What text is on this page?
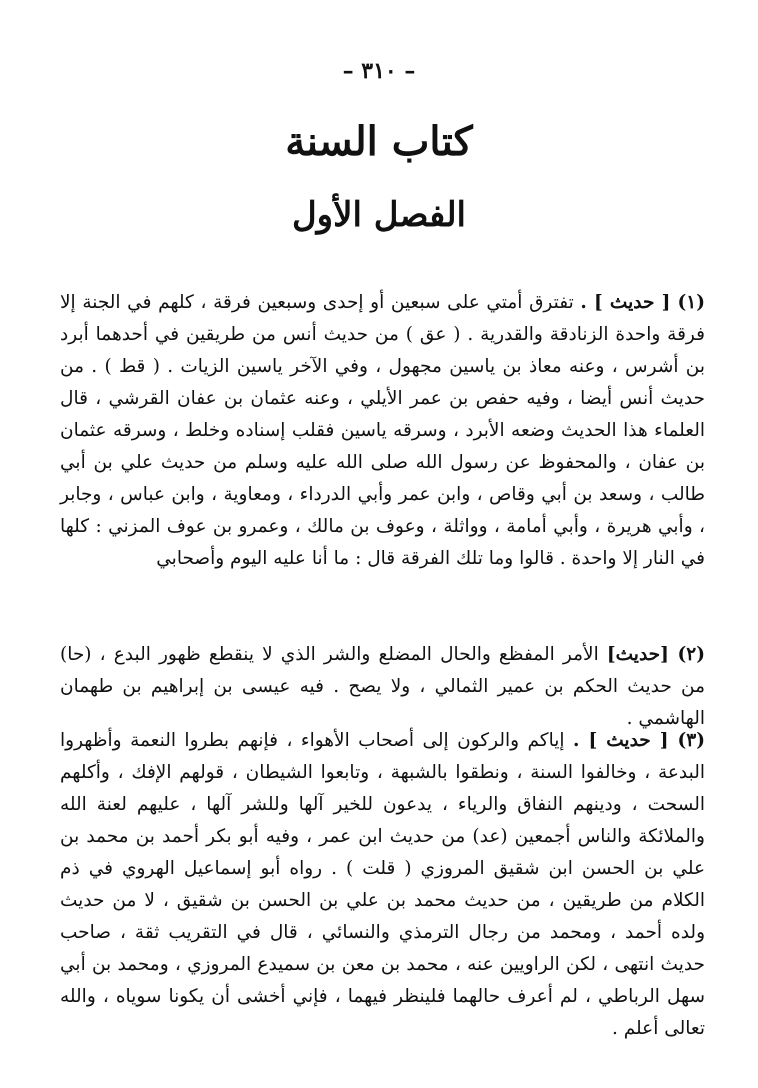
– ٣١٠ –
كتاب السنة
الفصل الأول

(١) [ حديث ] . تفترق أمتي على سبعين أو إحدى وسبعين فرقة ، كلهم في الجنة إلا فرقة واحدة الزنادقة والقدرية . ( عق ) من حديث أنس من طريقين في أحدهما أبرد بن أشرس ، وعنه معاذ بن ياسين مجهول ، وفي الآخر ياسين الزيات . ( قط ) . من حديث أنس أيضا ، وفيه حفص بن عمر الأيلي ، وعنه عثمان بن عفان القرشي ، قال العلماء هذا الحديث وضعه الأبرد ، وسرقه ياسين فقلب إسناده وخلط ، وسرقه عثمان بن عفان ، والمحفوظ عن رسول الله صلى الله عليه وسلم من حديث علي بن أبي طالب ، وسعد بن أبي وقاص ، وابن عمر وأبي الدرداء ، ومعاوية ، وابن عباس ، وجابر ، وأبي هريرة ، وأبي أمامة ، وواثلة ، وعوف بن مالك ، وعمرو بن عوف المزني : كلها في النار إلا واحدة . قالوا وما تلك الفرقة قال : ما أنا عليه اليوم وأصحابي

(٢) [حديث] الأمر المفظع والحال المضلع والشر الذي لا ينقطع ظهور البدع ، (حا) من حديث الحكم بن عمير الثمالي ، ولا يصح . فيه عيسى بن إبراهيم بن طهمان الهاشمي .

(٣) [ حديث ] . إياكم والركون إلى أصحاب الأهواء ، فإنهم بطروا النعمة وأظهروا البدعة ، وخالفوا السنة ، ونطقوا بالشبهة ، وتابعوا الشيطان ، قولهم الإفك ، وأكلهم السحت ، ودينهم النفاق والرياء ، يدعون للخير آلها وللشر آلها ، عليهم لعنة الله والملائكة والناس أجمعين (عد) من حديث ابن عمر ، وفيه أبو بكر أحمد بن محمد بن علي بن الحسن ابن شقيق المروزي ( قلت ) . رواه أبو إسماعيل الهروي في ذم الكلام من طريقين ، من حديث محمد بن علي بن الحسن بن شقيق ، لا من حديث ولده أحمد ، ومحمد من رجال الترمذي والنسائي ، قال في التقريب ثقة ، صاحب حديث انتهى ، لكن الراويين عنه ، محمد بن معن بن سميدع المروزي ، ومحمد بن أبي سهل الرباطي ، لم أعرف حالهما فلينظر فيهما ، فإني أخشى أن يكونا سوياه ، والله تعالى أعلم .
